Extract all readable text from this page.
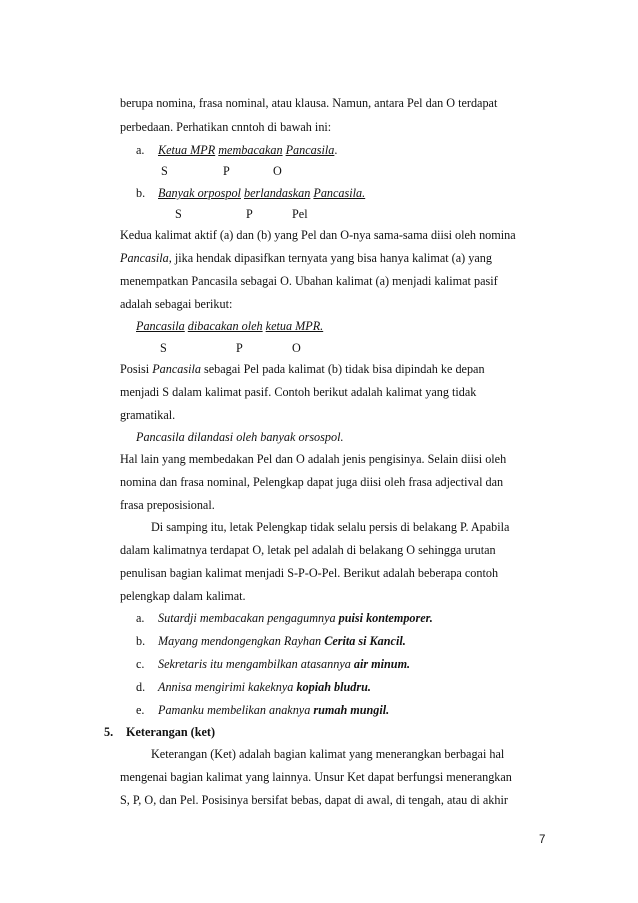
berupa nomina, frasa nominal, atau klausa. Namun, antara Pel dan O terdapat
perbedaan. Perhatikan cnntoh di bawah ini:
a. Ketua MPR membacakan Pancasila.
S	P	O
b. Banyak orpospol berlandaskan Pancasila.
S	P	Pel
Kedua kalimat aktif (a) dan (b) yang Pel dan O-nya sama-sama diisi oleh nomina
Pancasila, jika hendak dipasifkan ternyata yang bisa hanya kalimat (a) yang
menempatkan Pancasila sebagai O. Ubahan kalimat (a) menjadi kalimat pasif
adalah sebagai berikut:
Pancasila dibacakan oleh ketua MPR.
S	P	O
Posisi Pancasila sebagai Pel pada kalimat (b) tidak bisa dipindah ke depan
menjadi S dalam kalimat pasif. Contoh berikut adalah kalimat yang tidak
gramatikal.
Pancasila dilandasi oleh banyak orsospol.
Hal lain yang membedakan Pel dan O adalah jenis pengisinya. Selain diisi oleh
nomina dan frasa nominal, Pelengkap dapat juga diisi oleh frasa adjectival dan
frasa preposisional.
Di samping itu, letak Pelengkap tidak selalu persis di belakang P. Apabila
dalam kalimatnya terdapat O, letak pel adalah di belakang O sehingga urutan
penulisan bagian kalimat menjadi S-P-O-Pel. Berikut adalah beberapa contoh
pelengkap dalam kalimat.
a. Sutardji membacakan pengagumnya puisi kontemporer.
b. Mayang mendongengkan Rayhan Cerita si Kancil.
c. Sekretaris itu mengambilkan atasannya air minum.
d. Annisa mengirimi kakeknya kopiah bludru.
e. Pamanku membelikan anaknya rumah mungil.
5. Keterangan (ket)
Keterangan (Ket) adalah bagian kalimat yang menerangkan berbagai hal
mengenai bagian kalimat yang lainnya. Unsur Ket dapat berfungsi menerangkan
S, P, O, dan Pel. Posisinya bersifat bebas, dapat di awal, di tengah, atau di akhir
7
